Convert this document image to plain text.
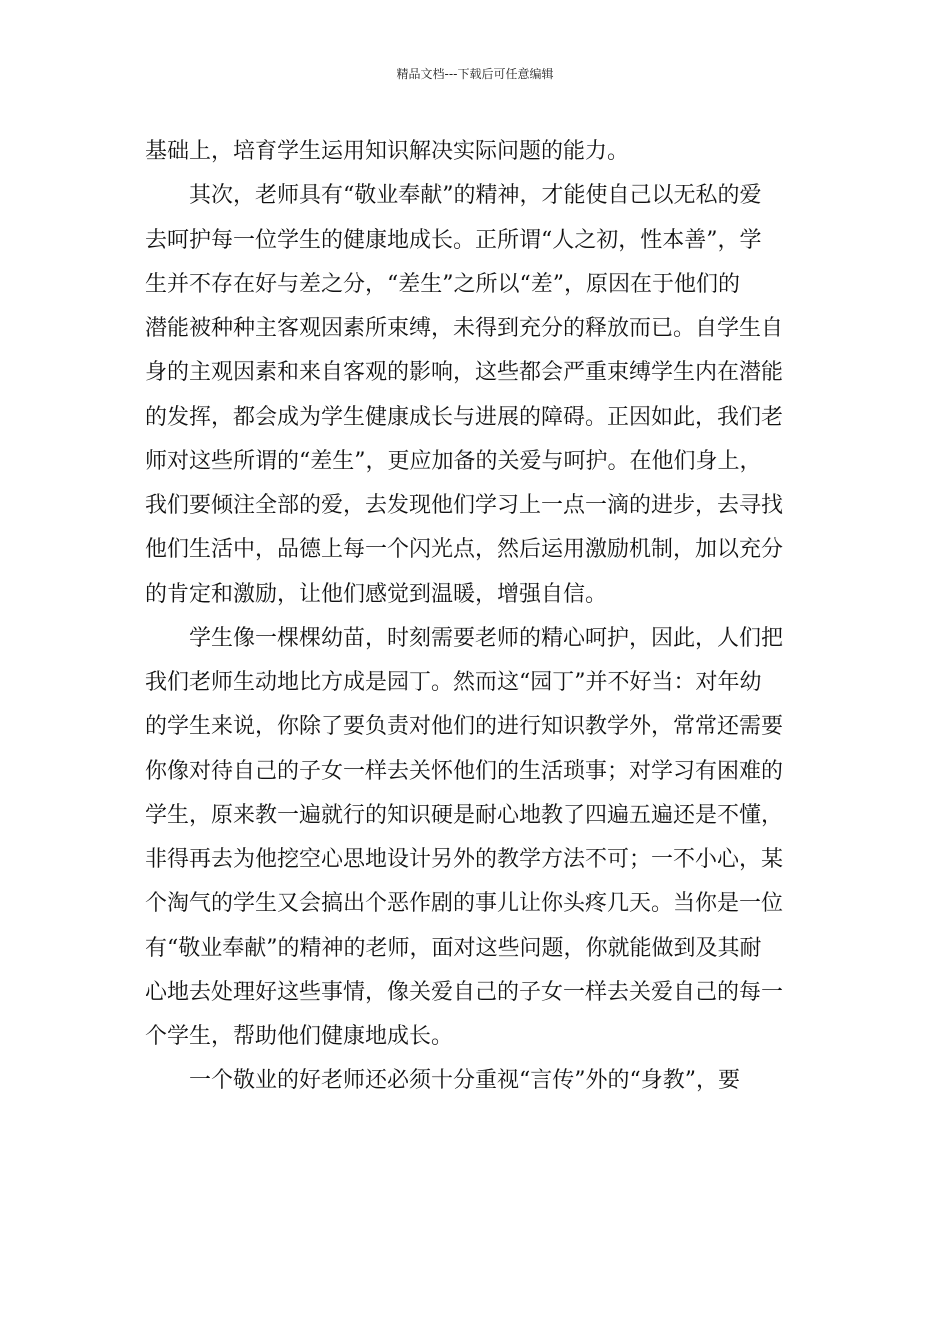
精品文档---下载后可任意编辑

基础上，培育学生运用知识解决实际问题的能力。

其次，老师具有“敬业奉献”的精神，才能使自己以无私的爱
去呵护每一位学生的健康地成长。正所谓“人之初，性本善”，学
生并不存在好与差之分，“差生”之所以“差”，原因在于他们的
潜能被种种主客观因素所束缚，未得到充分的释放而已。自学生自
身的主观因素和来自客观的影响，这些都会严重束缚学生内在潜能
的发挥，都会成为学生健康成长与进展的障碍。正因如此，我们老
师对这些所谓的“差生”，更应加备的关爱与呵护。在他们身上，
我们要倾注全部的爱，去发现他们学习上一点一滴的进步，去寻找
他们生活中，品德上每一个闪光点，然后运用激励机制，加以充分
的肯定和激励，让他们感觉到温暖，增强自信。

学生像一棵棵幼苗，时刻需要老师的精心呵护，因此，人们把
我们老师生动地比方成是园丁。然而这“园丁”并不好当：对年幼
的学生来说，你除了要负责对他们的进行知识教学外，常常还需要
你像对待自己的子女一样去关怀他们的生活琐事；对学习有困难的
学生，原来教一遍就行的知识硬是耐心地教了四遍五遍还是不懂，
非得再去为他挖空心思地设计另外的教学方法不可；一不小心，某
个淘气的学生又会搞出个恶作剧的事儿让你头疼几天。当你是一位
有“敬业奉献”的精神的老师，面对这些问题，你就能做到及其耐
心地去处理好这些事情，像关爱自己的子女一样去关爱自己的每一
个学生，帮助他们健康地成长。

一个敬业的好老师还必须十分重视“言传”外的“身教”，要
